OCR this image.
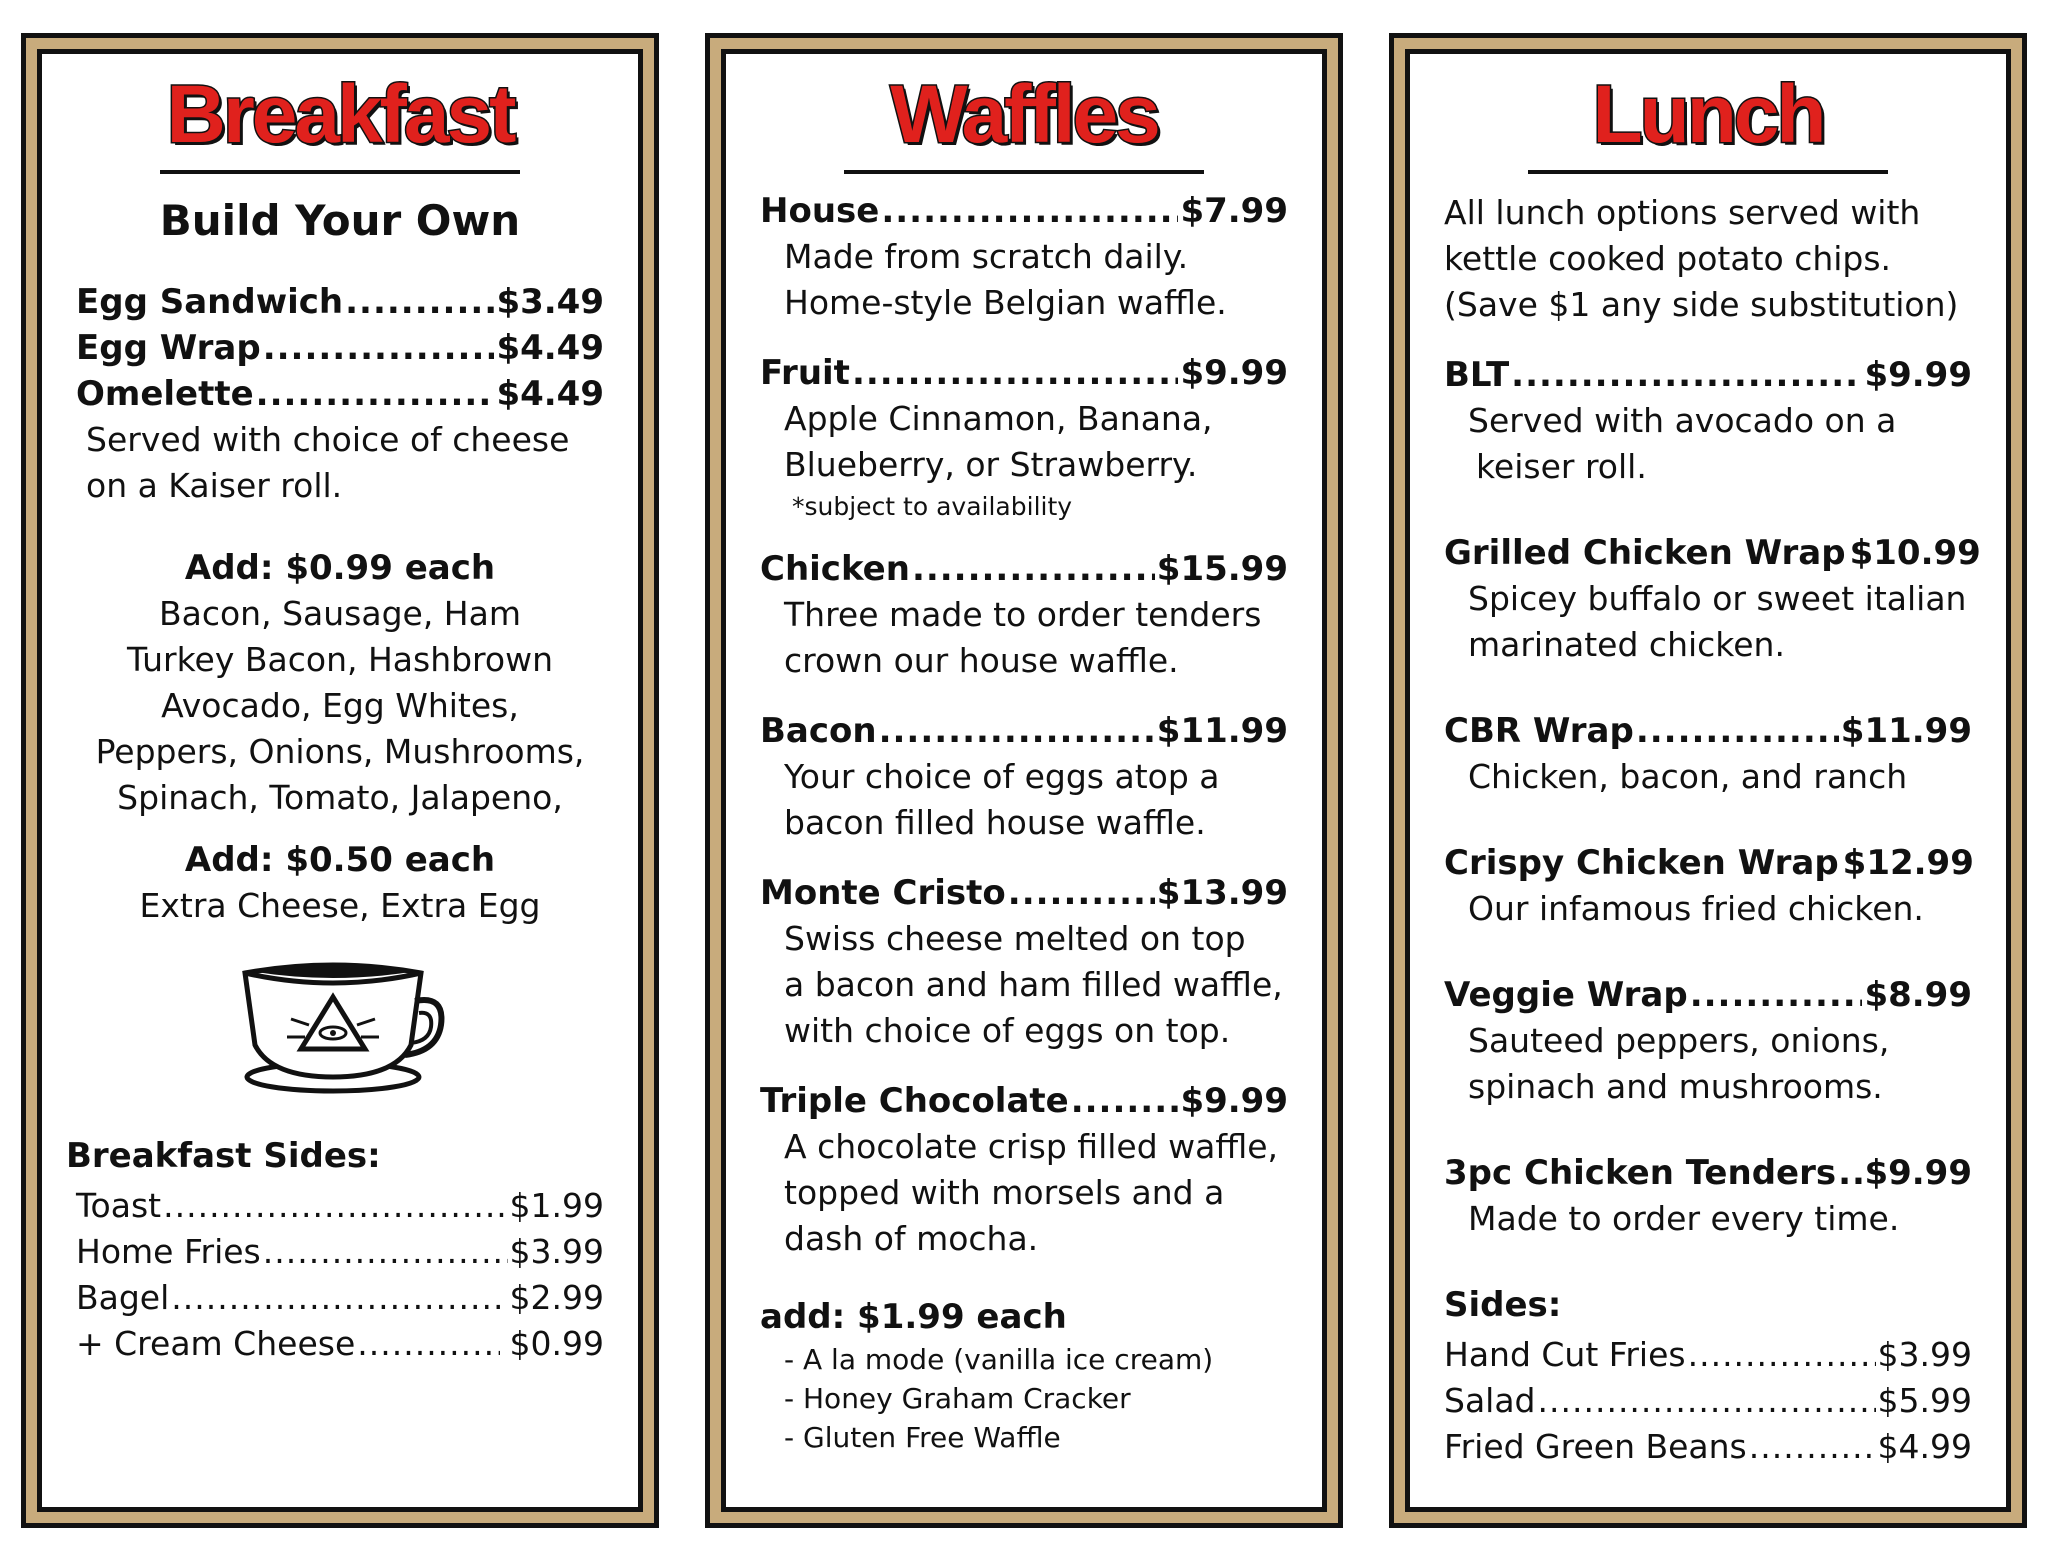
Breakfast
Build Your Own
Egg Sandwich .....	$3.49
Egg Wrap .....	$4.49
Omelette .....	$4.49
Served with choice of cheese
on a Kaiser roll.
Add: $0.99 each
Bacon, Sausage, Ham
Turkey Bacon, Hashbrown
Avocado, Egg Whites,
Peppers, Onions, Mushrooms,
Spinach, Tomato, Jalapeno,
Add: $0.50 each
Extra Cheese, Extra Egg
Breakfast Sides:
Toast .....	$1.99
Home Fries .....	$3.99
Bagel .....	$2.99
+ Cream Cheese .....	$0.99
Waffles
House .....	$7.99
Made from scratch daily.
Home-style Belgian waffle.
Fruit .....	$9.99
Apple Cinnamon, Banana,
Blueberry, or Strawberry.
*subject to availability
Chicken .....	$15.99
Three made to order tenders
crown our house waffle.
Bacon .....	$11.99
Your choice of eggs atop a
bacon filled house waffle.
Monte Cristo .....	$13.99
Swiss cheese melted on top
a bacon and ham filled waffle,
with choice of eggs on top.
Triple Chocolate .....	$9.99
A chocolate crisp filled waffle,
topped with morsels and a
dash of mocha.
add: $1.99 each
- A la mode (vanilla ice cream)
- Honey Graham Cracker
- Gluten Free Waffle
Lunch
All lunch options served with
kettle cooked potato chips.
(Save $1 any side substitution)
BLT .....	$9.99
Served with avocado on a
keiser roll.
Grilled Chicken Wrap $10.99
Spicey buffalo or sweet italian
marinated chicken.
CBR Wrap .....	$11.99
Chicken, bacon, and ranch
Crispy Chicken Wrap $12.99
Our infamous fried chicken.
Veggie Wrap .....	$8.99
Sauteed peppers, onions,
spinach and mushrooms.
3pc Chicken Tenders ..... $9.99
Made to order every time.
Sides:
Hand Cut Fries .....	$3.99
Salad .....	$5.99
Fried Green Beans .....	$4.99
